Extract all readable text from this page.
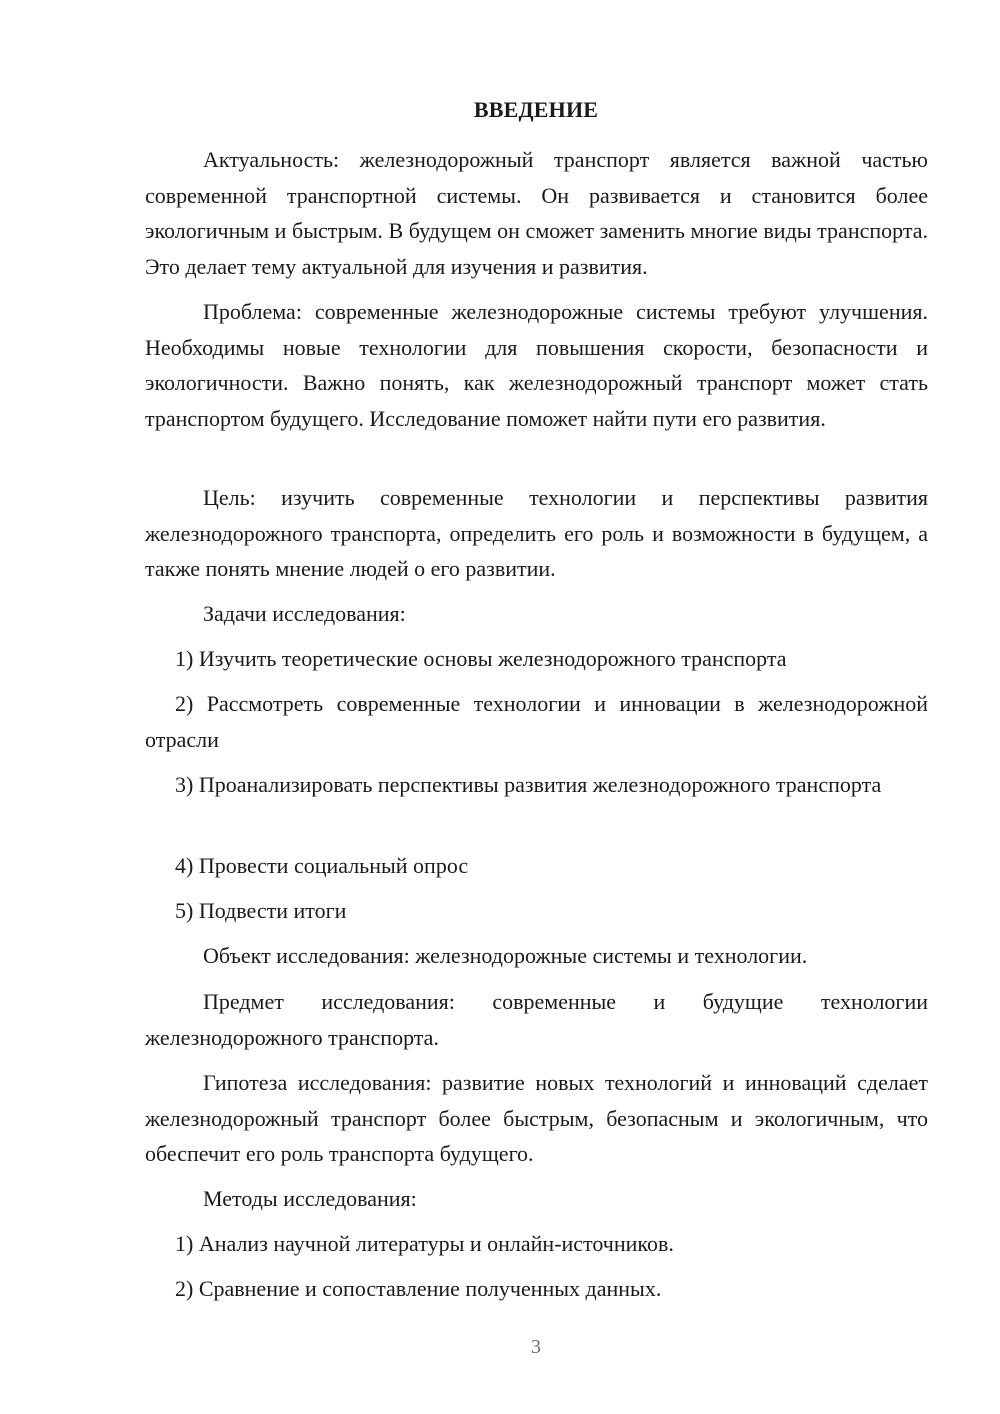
ВВЕДЕНИЕ

Актуальность: железнодорожный транспорт является важной частью современной транспортной системы. Он развивается и становится более экологичным и быстрым. В будущем он сможет заменить многие виды транспорта. Это делает тему актуальной для изучения и развития.

Проблема: современные железнодорожные системы требуют улучшения. Необходимы новые технологии для повышения скорости, безопасности и экологичности. Важно понять, как железнодорожный транспорт может стать транспортом будущего. Исследование поможет найти пути его развития.

Цель: изучить современные технологии и перспективы развития железнодорожного транспорта, определить его роль и возможности в будущем, а также понять мнение людей о его развитии.

Задачи исследования:

1) Изучить теоретические основы железнодорожного транспорта

2) Рассмотреть современные технологии и инновации в железнодорожной отрасли

3) Проанализировать перспективы развития железнодорожного транспорта

4) Провести социальный опрос

5) Подвести итоги

Объект исследования: железнодорожные системы и технологии.

Предмет исследования: современные и будущие технологии железнодорожного транспорта.

Гипотеза исследования: развитие новых технологий и инноваций сделает железнодорожный транспорт более быстрым, безопасным и экологичным, что обеспечит его роль транспорта будущего.

Методы исследования:

1) Анализ научной литературы и онлайн-источников.

2) Сравнение и сопоставление полученных данных.

3
